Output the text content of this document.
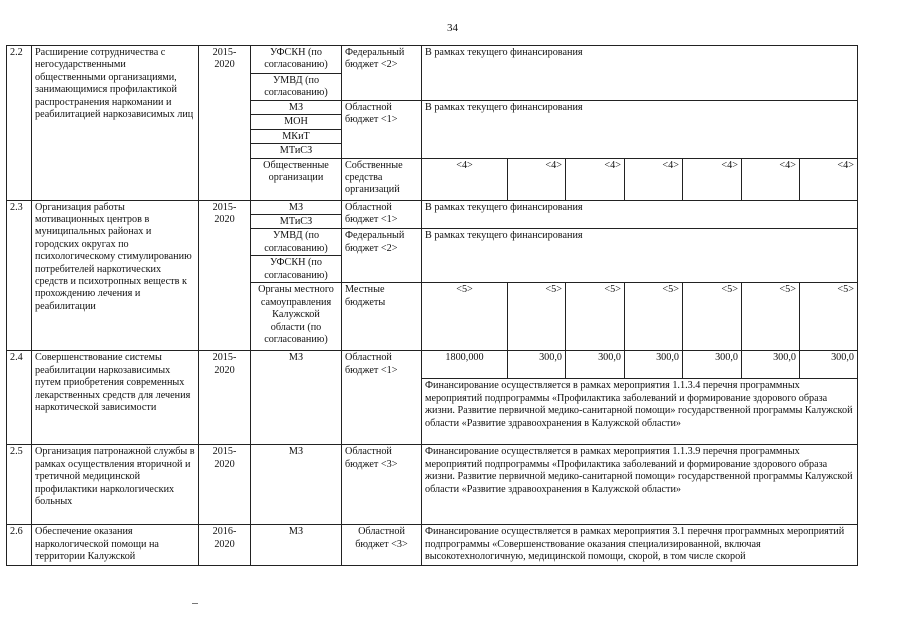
34
2.2	Расширение сотрудничества с негосударственными общественными организациями, занимающимися профилактикой распространения наркомании и реабилитацией наркозависимых лиц	2015-
2020	УФСКН (по согласованию)	Федеральный бюджет <2>	В рамках текущего финансирования						
			УМВД (по согласованию)								
			МЗ	Областной бюджет <1>	В рамках текущего финансирования						
			МОН								
			МКиТ								
			МТиСЗ								
			Общественные организации	Собственные средства организаций	<4>	<4>	<4>	<4>	<4>	<4>	<4>

2.3	Организация работы мотивационных центров в муниципальных районах и городских округах по психологическому стимулированию потребителей наркотических средств и психотропных веществ к прохождению лечения и реабилитации	2015-
2020	МЗ	Областной бюджет <1>	В рамках текущего финансирования						
			МТиСЗ								
			УМВД (по согласованию)	Федеральный бюджет <2>	В рамках текущего финансирования						
			УФСКН (по согласованию)								
			Органы местного самоуправления Калужской области (по согласованию)	Местные бюджеты	<5>	<5>	<5>	<5>	<5>	<5>	<5>
2.4	Совершенствование системы реабилитации наркозависимых путем приобретения современных лекарственных средств для лечения наркотической зависимости	2015-
2020	МЗ	Областной бюджет <1>	1800,000	300,0	300,0	300,0	300,0	300,0	300,0
					Финансирование осуществляется в рамках мероприятия 1.1.3.4 перечня программных мероприятий подпрограммы «Профилактика заболеваний и формирование здорового образа жизни. Развитие первичной медико-санитарной помощи» государственной программы Калужской области «Развитие здравоохранения в Калужской области»						
2.5	Организация патронажной службы в рамках осуществления вторичной и третичной медицинской профилактики наркологических больных	2015-
2020	МЗ	Областной бюджет <3>	Финансирование осуществляется в рамках мероприятия 1.1.3.9 перечня программных мероприятий подпрограммы «Профилактика заболеваний и формирование здорового образа жизни. Развитие первичной медико-санитарной помощи» государственной программы Калужской области «Развитие здравоохранения в Калужской области»						
2.6	Обеспечение оказания наркологической помощи на территории Калужской	2016-
2020	МЗ	Областной бюджет <3>	Финансирование осуществляется в рамках мероприятия 3.1 перечня программных мероприятий подпрограммы «Совершенствование оказания специализированной, включая высокотехнологичную, медицинской помощи, скорой, в том числе скорой						
